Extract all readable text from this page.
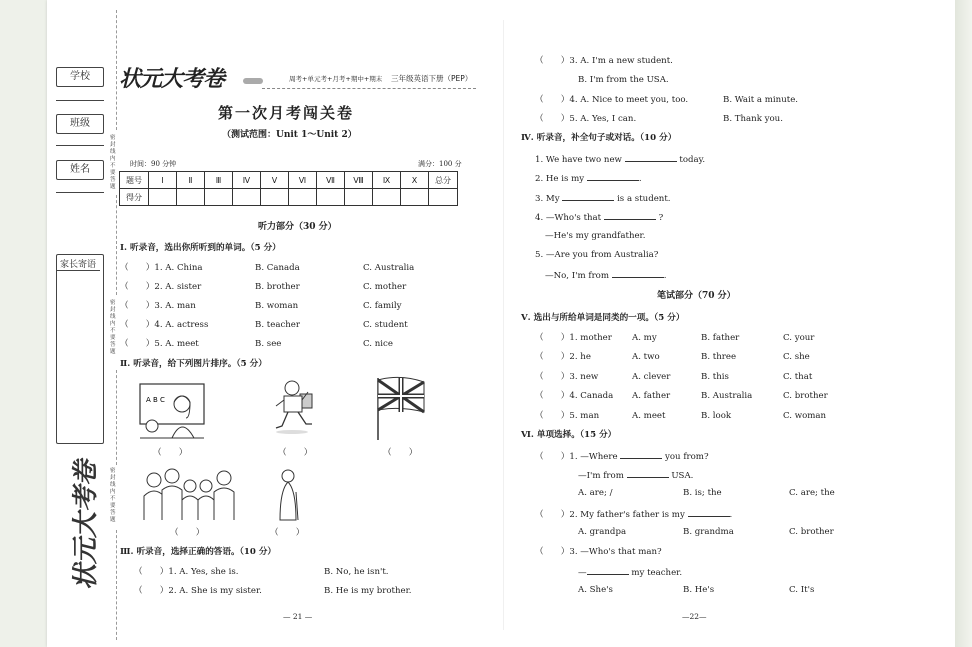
学校
班级
姓名
家长寄语
状元大考卷
密封线内不要答题
密封线内不要答题
密封线内不要答题
状元大考卷	周考+单元考+月考+期中+期末 三年级英语下册（PEP）
第一次月考闯关卷
（测试范围：Unit 1～Unit 2）
时间：90 分钟	满分：100 分
题号	Ⅰ	Ⅱ	Ⅲ	Ⅳ	Ⅴ	Ⅵ	Ⅶ	Ⅷ	Ⅸ	Ⅹ	总分
得分											
听力部分（30 分）
Ⅰ. 听录音，选出你所听到的单词。（5 分）
（　　）1. A. China	B. Canada	C. Australia
（　　）2. A. sister	B. brother	C. mother
（　　）3. A. man	B. woman	C. family
（　　）4. A. actress	B. teacher	C. student
（　　）5. A. meet	B. see	C. nice
Ⅱ. 听录音，给下列图片排序。（5 分）
A B C
（　　）	（　　）	（　　）
（　　）	（　　）
Ⅲ. 听录音，选择正确的答语。（10 分）
（　　）1. A. Yes, she is.	B. No, he isn't.
（　　）2. A. She is my sister.	B. He is my brother.
— 21 —
（　　）3. A. I'm a new student.
B. I'm from the USA.
（　　）4. A. Nice to meet you, too.	B. Wait a minute.
（　　）5. A. Yes, I can.	B. Thank you.
Ⅳ. 听录音，补全句子或对话。（10 分）
1. We have two new	today.
2. He is my	.
3. My	is a student.
4. —Who's that	?
—He's my grandfather.
5. —Are you from Australia?
—No, I'm from	.
笔试部分（70 分）
Ⅴ. 选出与所给单词是同类的一项。（5 分）
（　　）1. mother A. my	B. father	C. your
（　　）2. he	A. two	B. three	C. she
（　　）3. new	A. clever	B. this	C. that
（　　）4. Canada A. father	B. Australia	C. brother
（　　）5. man	A. meet	B. look	C. woman
Ⅵ. 单项选择。（15 分）
（　　）1. —Where	you from?
—I'm from	USA.
A. are; /	B. is; the	C. are; the
（　　）2. My father's father is my	.
A. grandpa	B. grandma	C. brother
（　　）3. —Who's that man?
—	my teacher.
A. She's	B. He's	C. It's
—22—
